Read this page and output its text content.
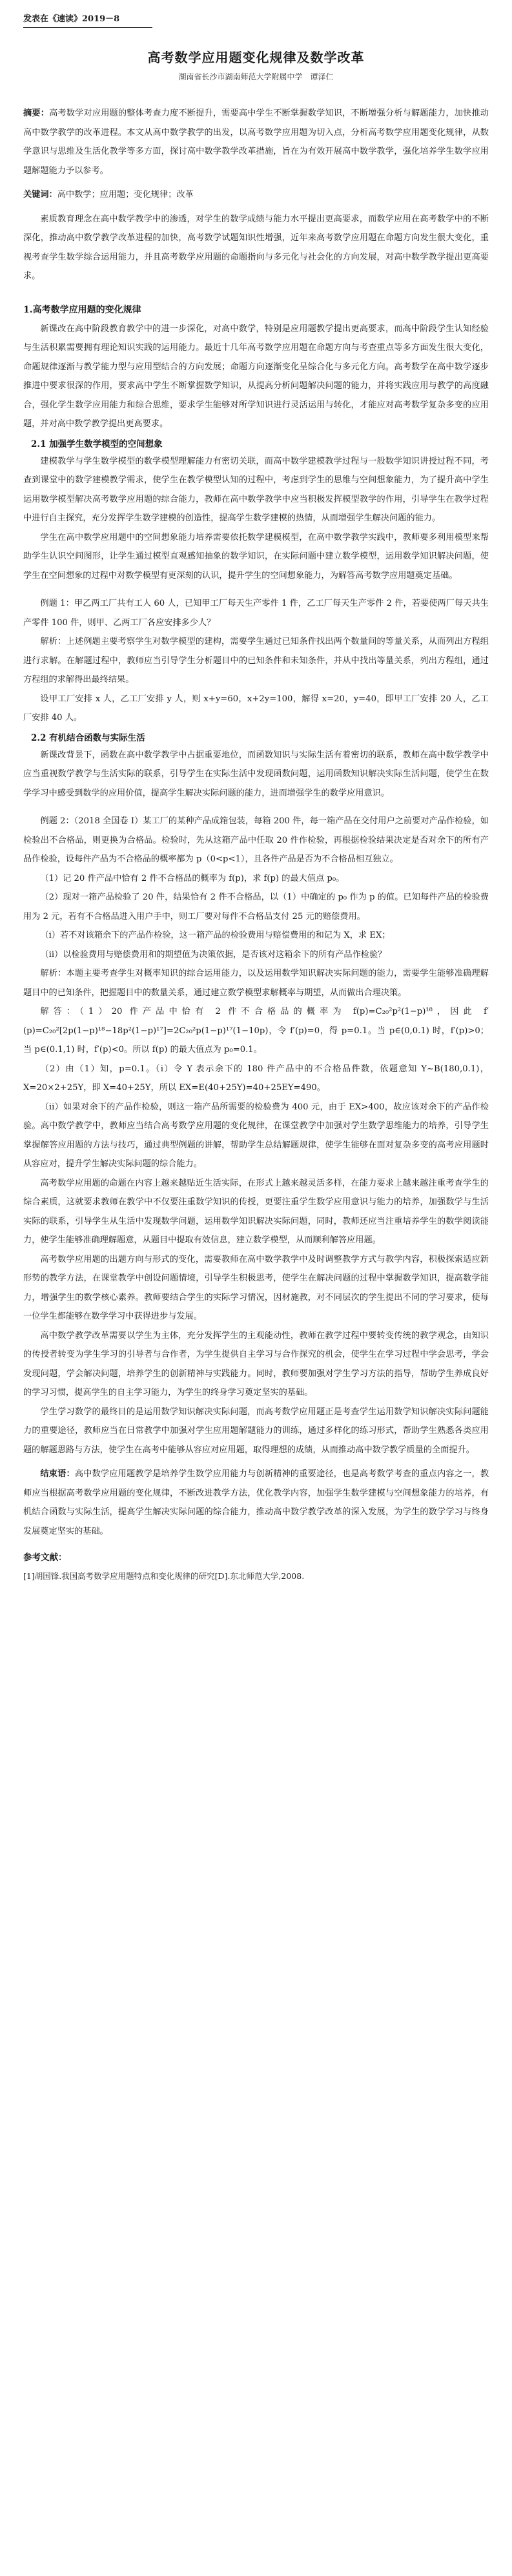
发表在《速读》2019－8
高考数学应用题变化规律及数学改革
湖南省长沙市湖南师范大学附属中学　谭泽仁

摘要：高考数学对应用题的整体考查力度不断提升，需要高中学生不断掌握数学知识，不断增强分析与解题能力，加快推动高中数学教学的改革进程。本文从高中数学教学的出发，以高考数学应用题为切入点，分析高考数学应用题变化规律，从数学意识与思维及生活化教学等多方面，探讨高中数学教学改革措施，旨在为有效开展高中数学教学，强化培养学生数学应用题解题能力予以参考。

关键词：高中数学；应用题；变化规律；改革

素质教育理念在高中数学教学中的渗透，对学生的数学成绩与能力水平提出更高要求，而数学应用在高考数学中的不断深化，推动高中数学教学改革进程的加快，高考数学试题知识性增强，近年来高考数学应用题在命题方向发生很大变化，重视考查学生数学综合运用能力，并且高考数学应用题的命题指向与多元化与社会化的方向发展，对高中数学教学提出更高要求。

1.高考数学应用题的变化规律

新课改在高中阶段教育教学中的进一步深化，对高中数学，特别是应用题教学提出更高要求，而高中阶段学生认知经验与生活积累需要拥有理论知识实践的运用能力。最近十几年高考数学应用题在命题方向与考查重点等多方面发生很大变化，命题规律逐渐与教学能力型与应用型结合的方向发展；命题方向逐渐变化呈综合化与多元化方向。高考数学在高中数学逐步推进中要求很深的作用，要求高中学生不断掌握数学知识，从提高分析问题解决问题的能力，并将实践应用与教学的高度融合，强化学生数学应用能力和综合思维，要求学生能够对所学知识进行灵活运用与转化，才能应对高考数学复杂多变的应用题，并对高中数学教学提出更高要求。

2.1 加强学生数学模型的空间想象

建模教学与学生数学模型的数学模型理解能力有密切关联，而高中数学建模教学过程与一般数学知识讲授过程不同，考查到课堂中的数学建模教学需求，使学生在教学模型认知的过程中，考虑到学生的思维与空间想象能力，为了提升高中学生运用数学模型解决高考数学应用题的综合能力，教师在高中数学教学中应当积极发挥模型教学的作用，引导学生在教学过程中进行自主探究，充分发挥学生数学建模的创造性，提高学生数学建模的热情，从而增强学生解决问题的能力。

学生在高中数学应用题中的空间想象能力培养需要依托数学建模模型，在高中数学教学实践中，教师要多利用模型来帮助学生认识空间图形，让学生通过模型直观感知抽象的数学知识，在实际问题中建立数学模型，运用数学知识解决问题，使学生在空间想象的过程中对数学模型有更深刻的认识，提升学生的空间想象能力，为解答高考数学应用题奠定基础。

例题 1：甲乙两工厂共有工人 60 人，已知甲工厂每天生产零件 1 件，乙工厂每天生产零件 2 件，若要使两厂每天共生产零件 100 件，则甲、乙两工厂各应安排多少人？

解析：上述例题主要考察学生对数学模型的建构，需要学生通过已知条件找出两个数量间的等量关系，从而列出方程组进行求解。在解题过程中，教师应当引导学生分析题目中的已知条件和未知条件，并从中找出等量关系，列出方程组，通过方程组的求解得出最终结果。

设甲工厂安排 x 人，乙工厂安排 y 人，则 x+y=60，x+2y=100，解得 x=20，y=40，即甲工厂安排 20 人，乙工厂安排 40 人。

2.2 有机结合函数与实际生活

新课改背景下，函数在高中数学教学中占据重要地位，而函数知识与实际生活有着密切的联系，教师在高中数学教学中应当重视数学教学与生活实际的联系，引导学生在实际生活中发现函数问题，运用函数知识解决实际生活问题，使学生在数学学习中感受到数学的应用价值，提高学生解决实际问题的能力，进而增强学生的数学应用意识。

例题 2：（2018 全国卷 Ⅰ）某工厂的某种产品成箱包装，每箱 200 件，每一箱产品在交付用户之前要对产品作检验，如检验出不合格品，则更换为合格品。检验时，先从这箱产品中任取 20 件作检验，再根据检验结果决定是否对余下的所有产品作检验，设每件产品为不合格品的概率都为 p（0<p<1），且各件产品是否为不合格品相互独立。

（1）记 20 件产品中恰有 2 件不合格品的概率为 f(p)，求 f(p) 的最大值点 p₀。

（2）现对一箱产品检验了 20 件，结果恰有 2 件不合格品，以（1）中确定的 p₀ 作为 p 的值。已知每件产品的检验费用为 2 元，若有不合格品进入用户手中，则工厂要对每件不合格品支付 25 元的赔偿费用。

（ⅰ）若不对该箱余下的产品作检验，这一箱产品的检验费用与赔偿费用的和记为 X，求 EX；

（ⅱ）以检验费用与赔偿费用和的期望值为决策依据，是否该对这箱余下的所有产品作检验？

解析：本题主要考查学生对概率知识的综合运用能力，以及运用数学知识解决实际问题的能力，需要学生能够准确理解题目中的已知条件，把握题目中的数量关系，通过建立数学模型求解概率与期望，从而做出合理决策。

解答：（1）20 件产品中恰有 2 件不合格品的概率为 f(p)=C₂₀²p²(1−p)¹⁸，因此 f′(p)=C₂₀²[2p(1−p)¹⁸−18p²(1−p)¹⁷]=2C₂₀²p(1−p)¹⁷(1−10p)，令 f′(p)=0，得 p=0.1。当 p∈(0,0.1) 时，f′(p)>0；当 p∈(0.1,1) 时，f′(p)<0。所以 f(p) 的最大值点为 p₀=0.1。

（2）由（1）知，p=0.1。（ⅰ）令 Y 表示余下的 180 件产品中的不合格品件数，依题意知 Y~B(180,0.1)，X=20×2+25Y，即 X=40+25Y，所以 EX=E(40+25Y)=40+25EY=490。

（ⅱ）如果对余下的产品作检验，则这一箱产品所需要的检验费为 400 元，由于 EX>400，故应该对余下的产品作检验。高中数学教学中，教师应当结合高考数学应用题的变化规律，在课堂教学中加强对学生数学思维能力的培养，引导学生掌握解答应用题的方法与技巧，通过典型例题的讲解，帮助学生总结解题规律，使学生能够在面对复杂多变的高考应用题时从容应对，提升学生解决实际问题的综合能力。

高考数学应用题的命题在内容上越来越贴近生活实际，在形式上越来越灵活多样，在能力要求上越来越注重考查学生的综合素质，这就要求教师在教学中不仅要注重数学知识的传授，更要注重学生数学应用意识与能力的培养，加强数学与生活实际的联系，引导学生从生活中发现数学问题，运用数学知识解决实际问题，同时，教师还应当注重培养学生的数学阅读能力，使学生能够准确理解题意，从题目中提取有效信息，建立数学模型，从而顺利解答应用题。

高考数学应用题的出题方向与形式的变化，需要教师在高中数学教学中及时调整教学方式与教学内容，积极探索适应新形势的教学方法，在课堂教学中创设问题情境，引导学生积极思考，使学生在解决问题的过程中掌握数学知识，提高数学能力，增强学生的数学核心素养。教师要结合学生的实际学习情况，因材施教，对不同层次的学生提出不同的学习要求，使每一位学生都能够在数学学习中获得进步与发展。

高中数学教学改革需要以学生为主体，充分发挥学生的主观能动性，教师在教学过程中要转变传统的教学观念，由知识的传授者转变为学生学习的引导者与合作者，为学生提供自主学习与合作探究的机会，使学生在学习过程中学会思考，学会发现问题，学会解决问题，培养学生的创新精神与实践能力。同时，教师要加强对学生学习方法的指导，帮助学生养成良好的学习习惯，提高学生的自主学习能力，为学生的终身学习奠定坚实的基础。

学生学习数学的最终目的是运用数学知识解决实际问题，而高考数学应用题正是考查学生运用数学知识解决实际问题能力的重要途径，教师应当在日常教学中加强对学生应用题解题能力的训练，通过多样化的练习形式，帮助学生熟悉各类应用题的解题思路与方法，使学生在高考中能够从容应对应用题，取得理想的成绩，从而推动高中数学教学质量的全面提升。

结束语：高中数学应用题教学是培养学生数学应用能力与创新精神的重要途径，也是高考数学考查的重点内容之一，教师应当根据高考数学应用题的变化规律，不断改进教学方法，优化教学内容，加强学生数学建模与空间想象能力的培养，有机结合函数与实际生活，提高学生解决实际问题的综合能力，推动高中数学教学改革的深入发展，为学生的数学学习与终身发展奠定坚实的基础。

参考文献：

[1]胡国锋.我国高考数学应用题特点和变化规律的研究[D].东北师范大学,2008.
